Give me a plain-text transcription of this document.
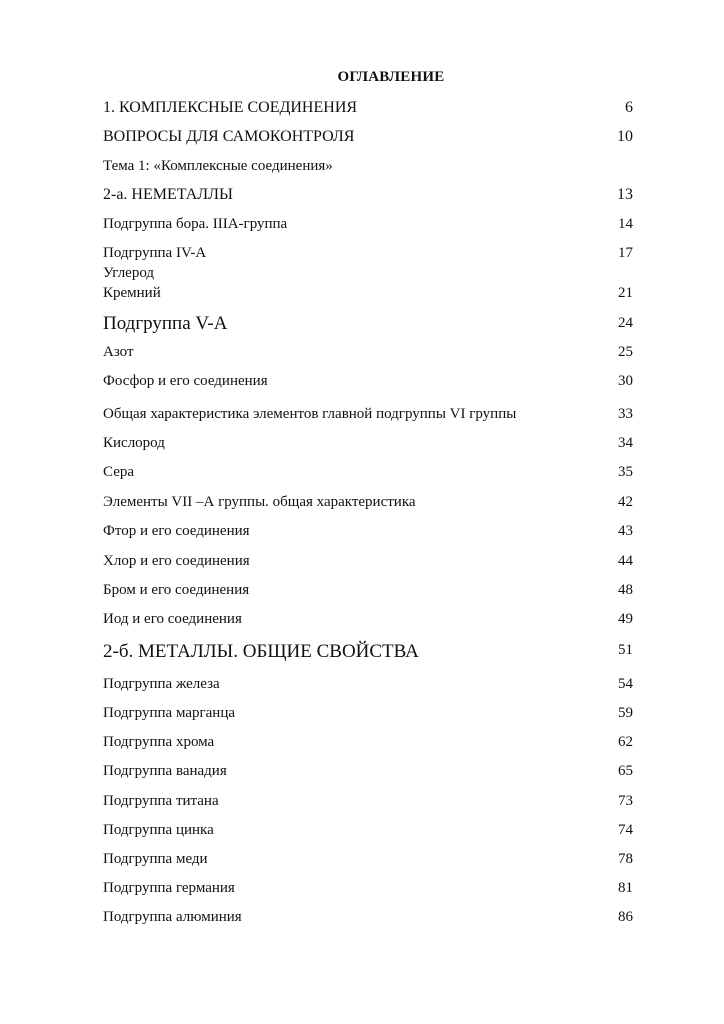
ОГЛАВЛЕНИЕ
1. КОМПЛЕКСНЫЕ СОЕДИНЕНИЯ	6
ВОПРОСЫ ДЛЯ САМОКОНТРОЛЯ	10
Тема 1: «Комплексные соединения»
2-а. НЕМЕТАЛЛЫ	13
Подгруппа бора. IIIA-группа	14
Подгруппа IV-A	17
Углерод
Кремний	21
Подгруппа V-A	24
Азот	25
Фосфор и его соединения	30
Общая характеристика элементов главной подгруппы VI группы	33
Кислород	34
Сера	35
Элементы VII –А группы. общая характеристика	42
Фтор и его соединения	43
Хлор и его соединения	44
Бром и его соединения	48
Иод и его соединения	49
2-б. МЕТАЛЛЫ. ОБЩИЕ СВОЙСТВА	51
Подгруппа железа	54
Подгруппа марганца	59
Подгруппа хрома	62
Подгруппа ванадия	65
Подгруппа титана	73
Подгруппа цинка	74
Подгруппа меди	78
Подгруппа германия	81
Подгруппа алюминия	86
